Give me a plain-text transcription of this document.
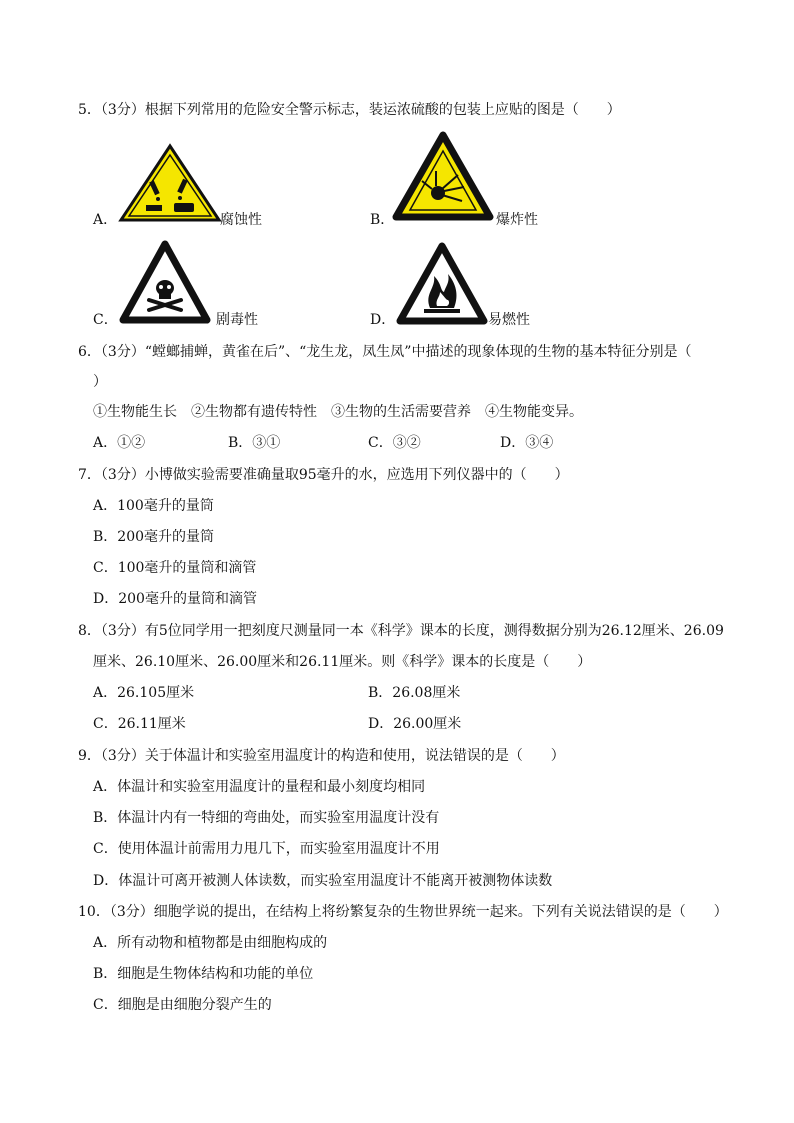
5．（3分）根据下列常用的危险安全警示标志，装运浓硫酸的包装上应贴的图是（　　）
A．	腐蚀性	B．	爆炸性
C．	剧毒性	D．	易燃性
6．（3分）“螳螂捕蝉，黄雀在后”、“龙生龙，凤生凤”中描述的现象体现的生物的基本特征分别是（
）
①生物能生长　②生物都有遗传特性　③生物的生活需要营养　④生物能变异。
A．①②	B．③①	C．③②	D．③④
7．（3分）小博做实验需要准确量取95毫升的水，应选用下列仪器中的（　　）
A．100毫升的量筒
B．200毫升的量筒
C．100毫升的量筒和滴管
D．200毫升的量筒和滴管
8．（3分）有5位同学用一把刻度尺测量同一本《科学》课本的长度，测得数据分别为26.12厘米、26.09
厘米、26.10厘米、26.00厘米和26.11厘米。则《科学》课本的长度是（　　）
A．26.105厘米	B．26.08厘米
C．26.11厘米	D．26.00厘米
9．（3分）关于体温计和实验室用温度计的构造和使用，说法错误的是（　　）
A．体温计和实验室用温度计的量程和最小刻度均相同
B．体温计内有一特细的弯曲处，而实验室用温度计没有
C．使用体温计前需用力甩几下，而实验室用温度计不用
D．体温计可离开被测人体读数，而实验室用温度计不能离开被测物体读数
10．（3分）细胞学说的提出，在结构上将纷繁复杂的生物世界统一起来。下列有关说法错误的是（　　）
A．所有动物和植物都是由细胞构成的
B．细胞是生物体结构和功能的单位
C．细胞是由细胞分裂产生的
